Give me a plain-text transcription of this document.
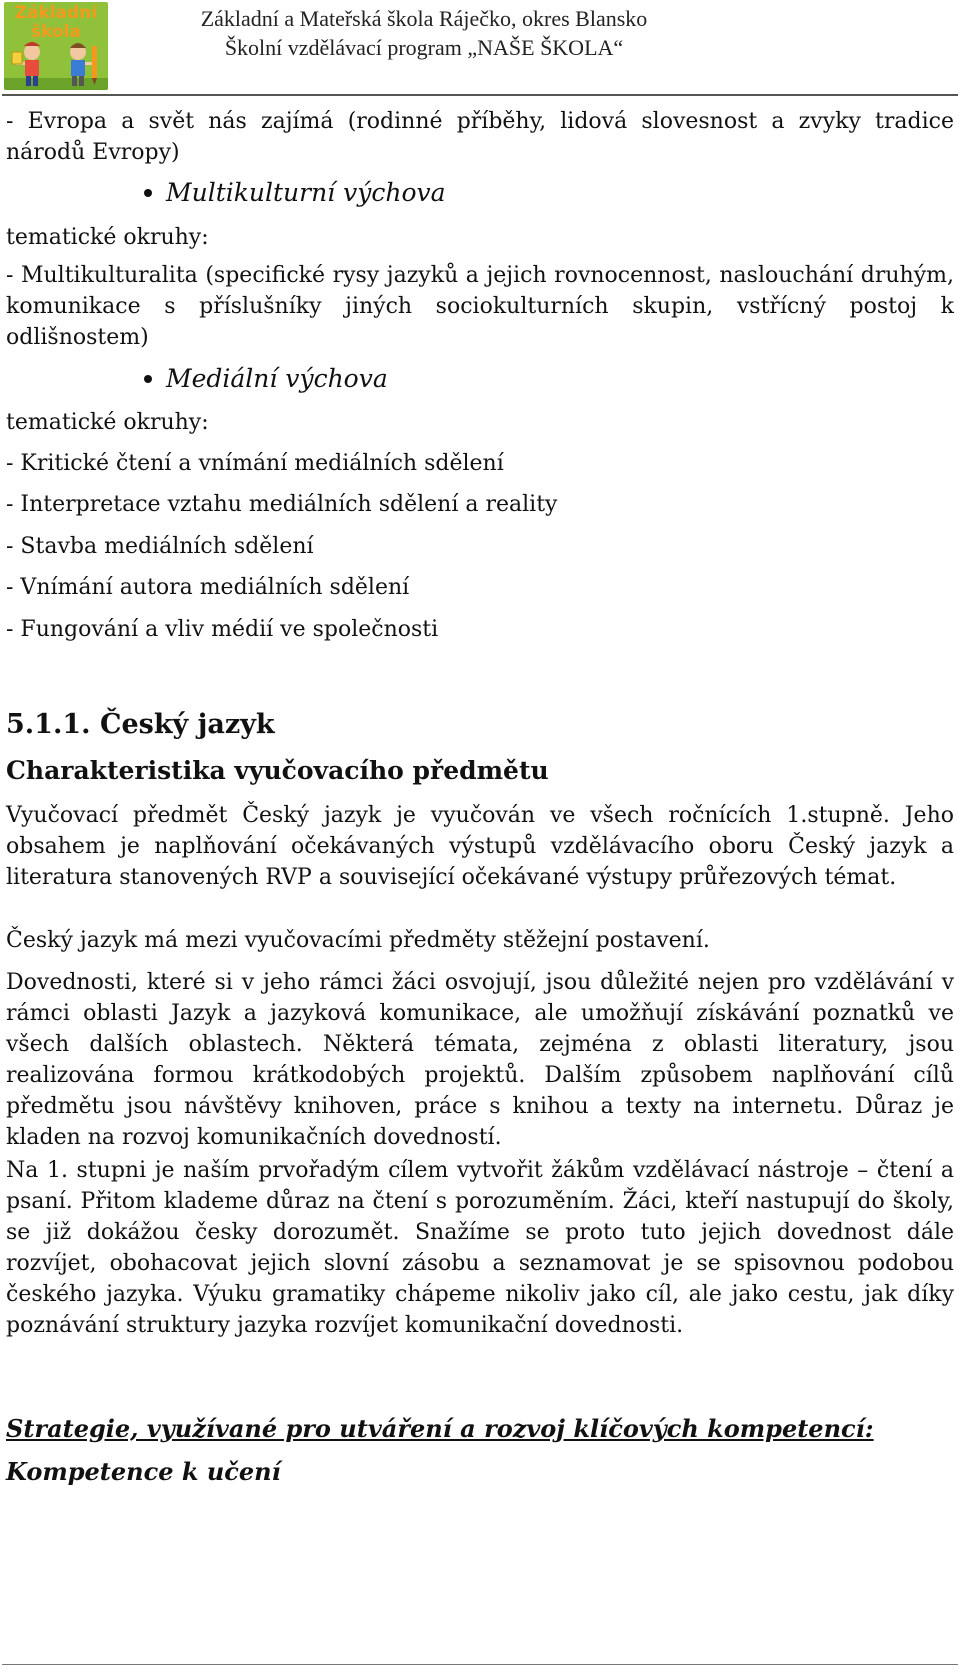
Základní
škola
Základní a Mateřská škola Ráječko, okres Blansko
Školní vzdělávací program „NAŠE ŠKOLA“
- Evropa a svět nás zajímá (rodinné příběhy, lidová slovesnost a zvyky tradice národů Evropy)
Multikulturní výchova
tematické okruhy:
- Multikulturalita (specifické rysy jazyků a jejich rovnocennost, naslouchání druhým, komunikace s příslušníky jiných sociokulturních skupin, vstřícný postoj k odlišnostem)
Mediální výchova
tematické okruhy:
- Kritické čtení a vnímání mediálních sdělení
- Interpretace vztahu mediálních sdělení a reality
- Stavba mediálních sdělení
- Vnímání autora mediálních sdělení
- Fungování a vliv médií ve společnosti
5.1.1. Český jazyk
Charakteristika vyučovacího předmětu
Vyučovací předmět Český jazyk je vyučován ve všech ročnících 1.stupně. Jeho obsahem je naplňování očekávaných výstupů vzdělávacího oboru Český jazyk a literatura stanovených RVP a související očekávané výstupy průřezových témat.
Český jazyk má mezi vyučovacími předměty stěžejní postavení.
Dovednosti, které si v jeho rámci žáci osvojují, jsou důležité nejen pro vzdělávání v rámci oblasti Jazyk a jazyková komunikace, ale umožňují získávání poznatků ve všech dalších oblastech. Některá témata, zejména z oblasti literatury, jsou realizována formou krátkodobých projektů. Dalším způsobem naplňování cílů předmětu jsou návštěvy knihoven, práce s knihou a texty na internetu. Důraz je kladen na rozvoj komunikačních dovedností.
Na 1. stupni je naším prvořadým cílem vytvořit žákům vzdělávací nástroje – čtení a psaní. Přitom klademe důraz na čtení s porozuměním. Žáci, kteří nastupují do školy, se již dokážou česky dorozumět. Snažíme se proto tuto jejich dovednost dále rozvíjet, obohacovat jejich slovní zásobu a seznamovat je se spisovnou podobou českého jazyka. Výuku gramatiky chápeme nikoliv jako cíl, ale jako cestu, jak díky poznávání struktury jazyka rozvíjet komunikační dovednosti.
Strategie, využívané pro utváření a rozvoj klíčových kompetencí:
Kompetence k učení
